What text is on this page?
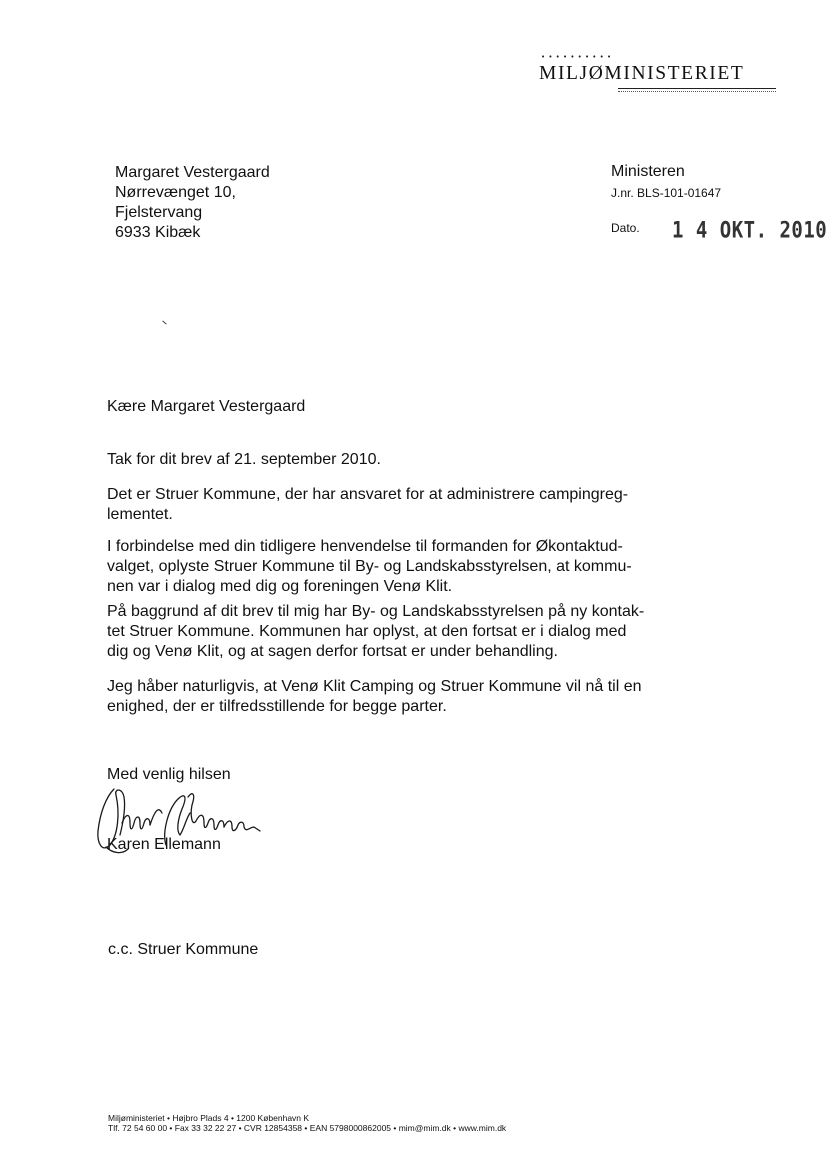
••••••••••
MILJØMINISTERIET
Margaret Vestergaard
Nørrevænget 10,
Fjelstervang
6933 Kibæk
Ministeren
J.nr. BLS-101-01647
Dato. 1 4 OKT. 2010
Kære Margaret Vestergaard
Tak for dit brev af 21. september 2010.
Det er Struer Kommune, der har ansvaret for at administrere campingreg-
lementet.
I forbindelse med din tidligere henvendelse til formanden for Økontaktud-
valget, oplyste Struer Kommune til By- og Landskabsstyrelsen, at kommu-
nen var i dialog med dig og foreningen Venø Klit.
På baggrund af dit brev til mig har By- og Landskabsstyrelsen på ny kontak-
tet Struer Kommune. Kommunen har oplyst, at den fortsat er i dialog med
dig og Venø Klit, og at sagen derfor fortsat er under behandling.
Jeg håber naturligvis, at Venø Klit Camping og Struer Kommune vil nå til en
enighed, der er tilfredsstillende for begge parter.
Med venlig hilsen
Karen Ellemann
c.c. Struer Kommune
Miljøministeriet • Højbro Plads 4 • 1200 København K
Tlf. 72 54 60 00 • Fax 33 32 22 27 • CVR 12854358 • EAN 5798000862005 • mim@mim.dk • www.mim.dk
